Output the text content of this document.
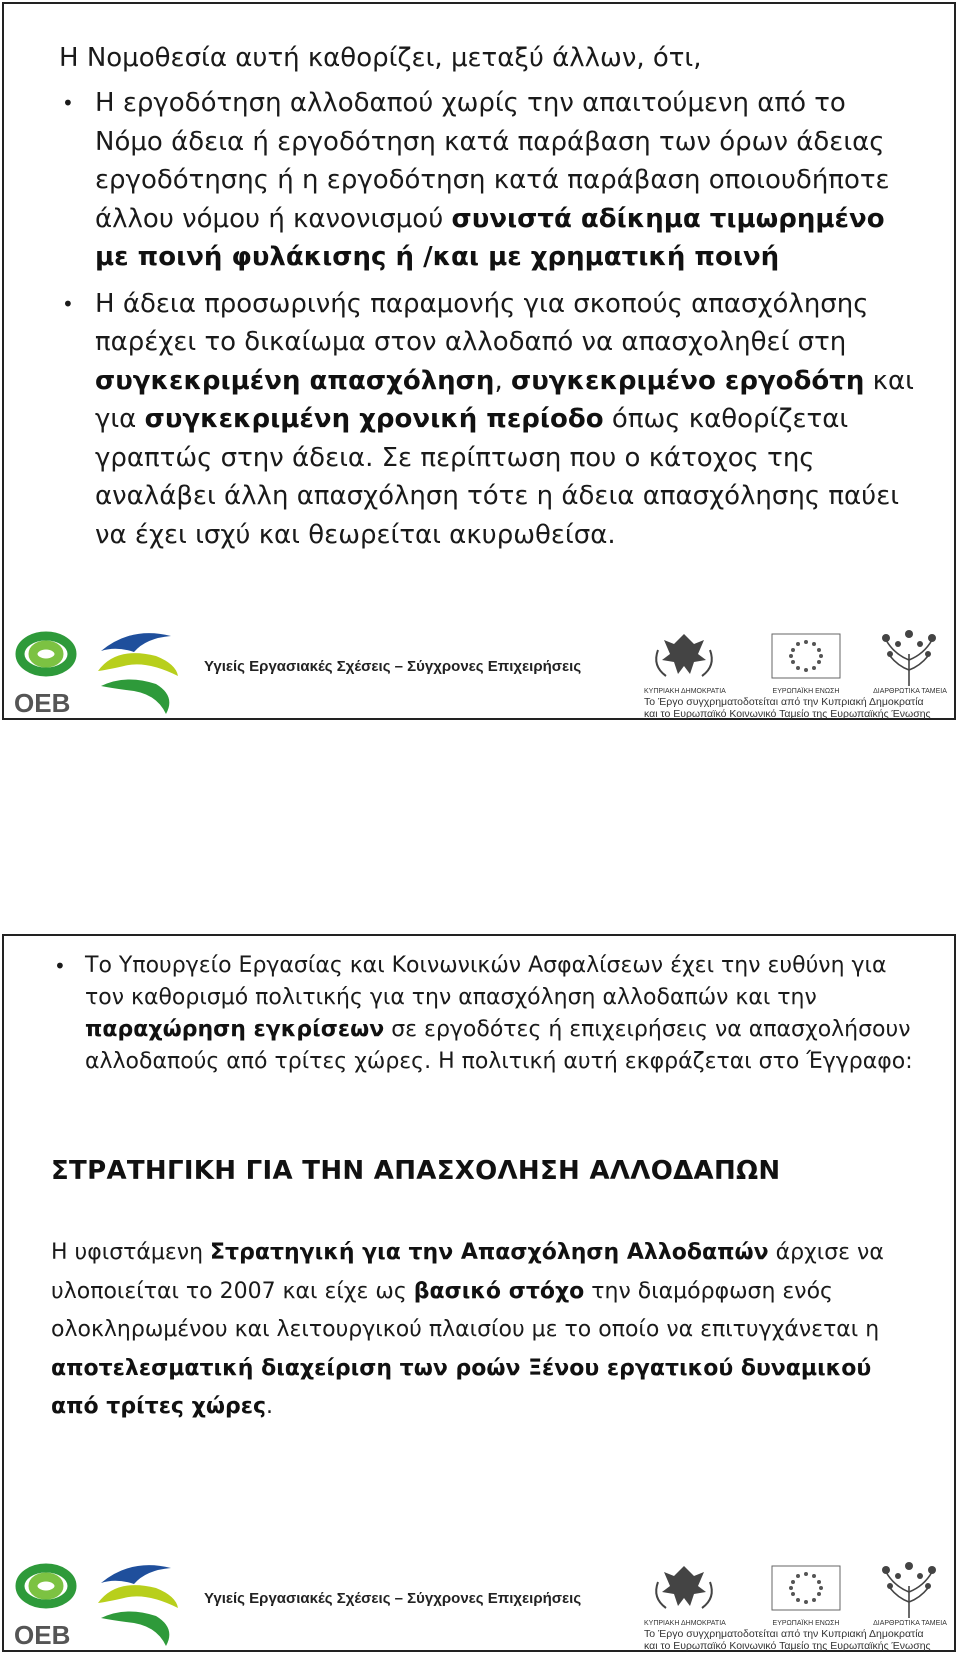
Η Νομοθεσία αυτή καθορίζει, μεταξύ άλλων, ότι,
• Η εργοδότηση αλλοδαπού χωρίς την απαιτούμενη από το Νόμο άδεια ή εργοδότηση κατά παράβαση των όρων άδειας εργοδότησης ή η εργοδότηση κατά παράβαση οποιουδήποτε άλλου νόμου ή κανονισμού συνιστά αδίκημα τιμωρημένο με ποινή φυλάκισης ή /και με χρηματική ποινή
• Η άδεια προσωρινής παραμονής για σκοπούς απασχόλησης παρέχει το δικαίωμα στον αλλοδαπό να απασχοληθεί στη συγκεκριμένη απασχόληση, συγκεκριμένο εργοδότη και για συγκεκριμένη χρονική περίοδο όπως καθορίζεται γραπτώς στην άδεια. Σε περίπτωση που ο κάτοχος της αναλάβει άλλη απασχόληση τότε η άδεια απασχόλησης παύει να έχει ισχύ και θεωρείται ακυρωθείσα.
ΟΕΒ
Υγιείς Εργασιακές Σχέσεις – Σύγχρονες Επιχειρήσεις
ΚΥΠΡΙΑΚΗ ΔΗΜΟΚΡΑΤΙΑ	ΕΥΡΩΠΑΪΚΗ ΕΝΩΣΗ	ΔΙΑΡΘΡΩΤΙΚΑ ΤΑΜΕΙΑ
Το Έργο συγχρηματοδοτείται από την Κυπριακή Δημοκρατία
και το Ευρωπαϊκό Κοινωνικό Ταμείο της Ευρωπαϊκής Ένωσης
• Το Υπουργείο Εργασίας και Κοινωνικών Ασφαλίσεων έχει την ευθύνη για τον καθορισμό πολιτικής για την απασχόληση αλλοδαπών και την παραχώρηση εγκρίσεων σε εργοδότες ή επιχειρήσεις να απασχολήσουν αλλοδαπούς από τρίτες χώρες. Η πολιτική αυτή εκφράζεται στο Έγγραφο:
ΣΤΡΑΤΗΓΙΚΗ ΓΙΑ ΤΗΝ ΑΠΑΣΧΟΛΗΣΗ ΑΛΛΟΔΑΠΩΝ
Η υφιστάμενη Στρατηγική για την Απασχόληση Αλλοδαπών άρχισε να υλοποιείται το 2007 και είχε ως βασικό στόχο την διαμόρφωση ενός ολοκληρωμένου και λειτουργικού πλαισίου με το οποίο να επιτυγχάνεται η αποτελεσματική διαχείριση των ροών Ξένου εργατικού δυναμικού από τρίτες χώρες.
ΟΕΒ
Υγιείς Εργασιακές Σχέσεις – Σύγχρονες Επιχειρήσεις
ΚΥΠΡΙΑΚΗ ΔΗΜΟΚΡΑΤΙΑ	ΕΥΡΩΠΑΪΚΗ ΕΝΩΣΗ	ΔΙΑΡΘΡΩΤΙΚΑ ΤΑΜΕΙΑ
Το Έργο συγχρηματοδοτείται από την Κυπριακή Δημοκρατία
και το Ευρωπαϊκό Κοινωνικό Ταμείο της Ευρωπαϊκής Ένωσης
